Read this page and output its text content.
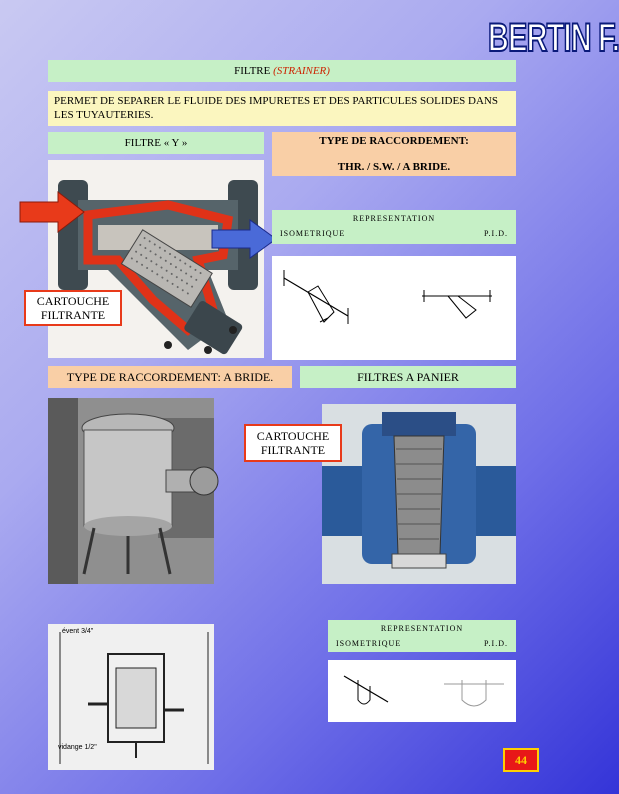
BERTIN F.
FILTRE
(STRAINER)
PERMET DE SEPARER LE FLUIDE DES IMPURETES ET DES PARTICULES SOLIDES DANS LES TUYAUTERIES.
FILTRE « Y »	TYPE DE RACCORDEMENT:
THR. / S.W. / A BRIDE.
REPRESENTATION
ISOMETRIQUE	P.I.D.
CARTOUCHE FILTRANTE
TYPE DE RACCORDEMENT: A BRIDE.	FILTRES A PANIER
CARTOUCHE FILTRANTE
évent 3/4"
vidange 1/2"
REPRESENTATION
ISOMETRIQUE	P.I.D.
44
